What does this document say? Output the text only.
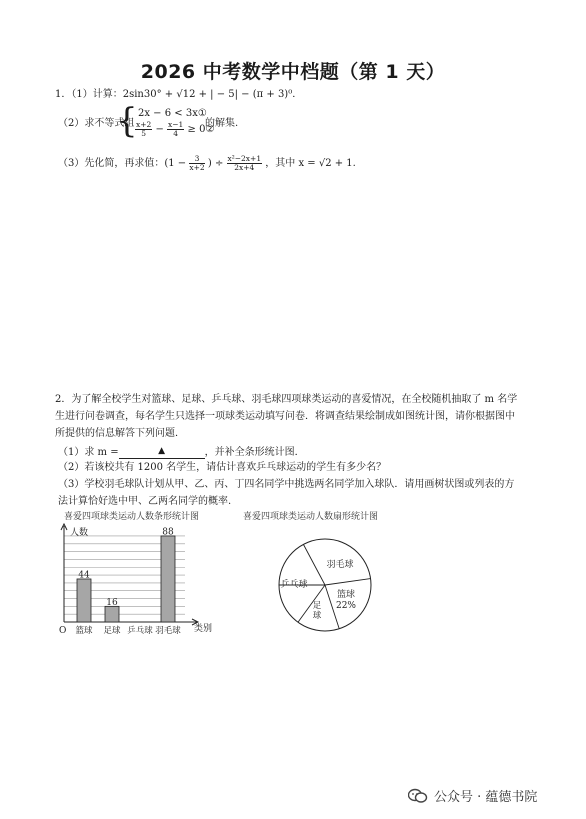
2026 中考数学中档题（第 1 天）
1．（1）计算：2sin30° + √12 + | − 5| − (π + 3)⁰．
（2）求不等式组
{ 2x − 6 < 3x①
$\frac{x+2}{5} - \frac{x-1}{4}$ ≥ 0②
的解集.
（3）先化简，再求值：($1 - \frac{3}{x+2}$ ) ÷ $\frac{\text{x²−2x+1}}{2x+4}$ ，其中 x = √2 + 1.
2．为了解全校学生对篮球、足球、乒乓球、羽毛球四项球类运动的喜爱情况，在全校随机抽取了 m 名学
生进行问卷调查，每名学生只选择一项球类运动填写问卷．将调查结果绘制成如图统计图，请你根据图中
所提供的信息解答下列问题．
（1）求 m =	▲	，并补全条形统计图．
（2）若该校共有 1200 名学生，请估计喜欢乒乓球运动的学生有多少名？
（3）学校羽毛球队计划从甲、乙、丙、丁四名同学中挑选两名同学加入球队．请用画树状图或列表的方
法计算恰好选中甲、乙两名同学的概率.
喜爱四项球类运动人数条形统计图	喜爱四项球类运动人数扇形统计图
人数
类别
O
44
篮球
16
足球 乒乓球
88
羽毛球
羽毛球
乒乓球
足
球
篮球
22%
公众号 · 蕴德书院
